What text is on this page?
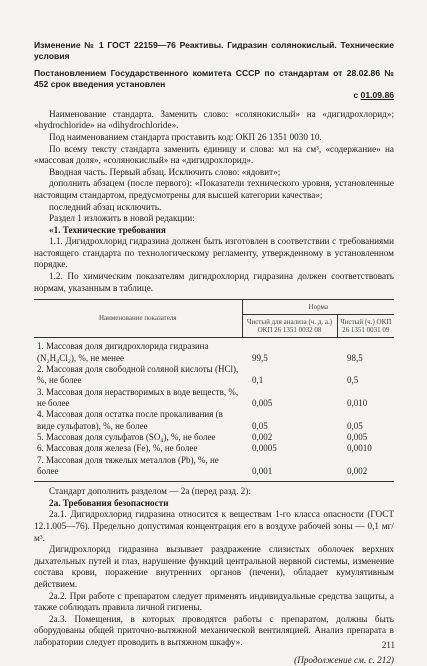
Изменение № 1 ГОСТ 22159—76 Реактивы. Гидразин солянокислый. Технические условия

Постановлением Государственного комитета СССР по стандартам от 28.02.86 № 452 срок введения установлен

с 01.09.86

Наименование стандарта. Заменить слово: «солянокислый» на «дигидрохлорид»; «hydrochloride» на «dihydrochloride».

Под наименованием стандарта проставить код: ОКП 26 1351 0030 10.

По всему тексту стандарта заменить единицу и слова: мл на см³, «содержание» на «массовая доля», «солянокислый» на «дигидрохлорид».

Вводная часть. Первый абзац. Исключить слово: «ядовит»;

дополнить абзацем (после первого): «Показатели технического уровня, установленные настоящим стандартом, предусмотрены для высшей категории качества»;

последний абзац исключить.

Раздел 1 изложить в новой редакции:

«1. Технические требования

1.1. Дигидрохлорид гидразина должен быть изготовлен в соответствии с требованиями настоящего стандарта по технологическому регламенту, утвержденному в установленном порядке.

1.2. По химическим показателям дигидрохлорид гидразина должен соответствовать нормам, указанным в таблице.

Наименование показателя	Норма	
	Чистый для анализа (ч. д. а.) ОКП 26 1351 0032 08	Чистый (ч.) ОКП 26 1351 0031 09

1. Массовая доля дигидрохлорида гидразина (N₂H₄Cl₂), %, не менее	99,5	98,5
2. Массовая доля свободной соляной кислоты (HCl), %, не более	0,1	0,5
3. Массовая доля нерастворимых в воде веществ, %, не более	0,005	0,010
4. Массовая доля остатка после прокаливания (в виде сульфатов), %, не более	0,05	0,05
5. Массовая доля сульфатов (SO₄), %, не более	0,002	0,005
6. Массовая доля железа (Fe), %, не более	0,0005	0,0010
7. Массовая доля тяжелых металлов (Pb), %, не более	0,001	0,002

Стандарт дополнить разделом — 2а (перед разд. 2):

2а. Требования безопасности

2а.1. Дигидрохлорид гидразина относится к веществам 1-го класса опасности (ГОСТ 12.1.005—76). Предельно допустимая концентрация его в воздухе рабочей зоны — 0,1 мг/м³.

Дигидрохлорид гидразина вызывает раздражение слизистых оболочек верхних дыхательных путей и глаз, нарушение функций центральной нервной системы, изменение состава крови, поражение внутренних органов (печени), обладает кумулятивным действием.

2а.2. При работе с препаратом следует применять индивидуальные средства защиты, а также соблюдать правила личной гигиены.

2а.3. Помещения, в которых проводятся работы с препаратом, должны быть оборудованы общей приточно-вытяжной механической вентиляцией. Анализ препарата в лаборатории следует проводить в вытяжном шкафу».

(Продолжение см. с. 212)

211
